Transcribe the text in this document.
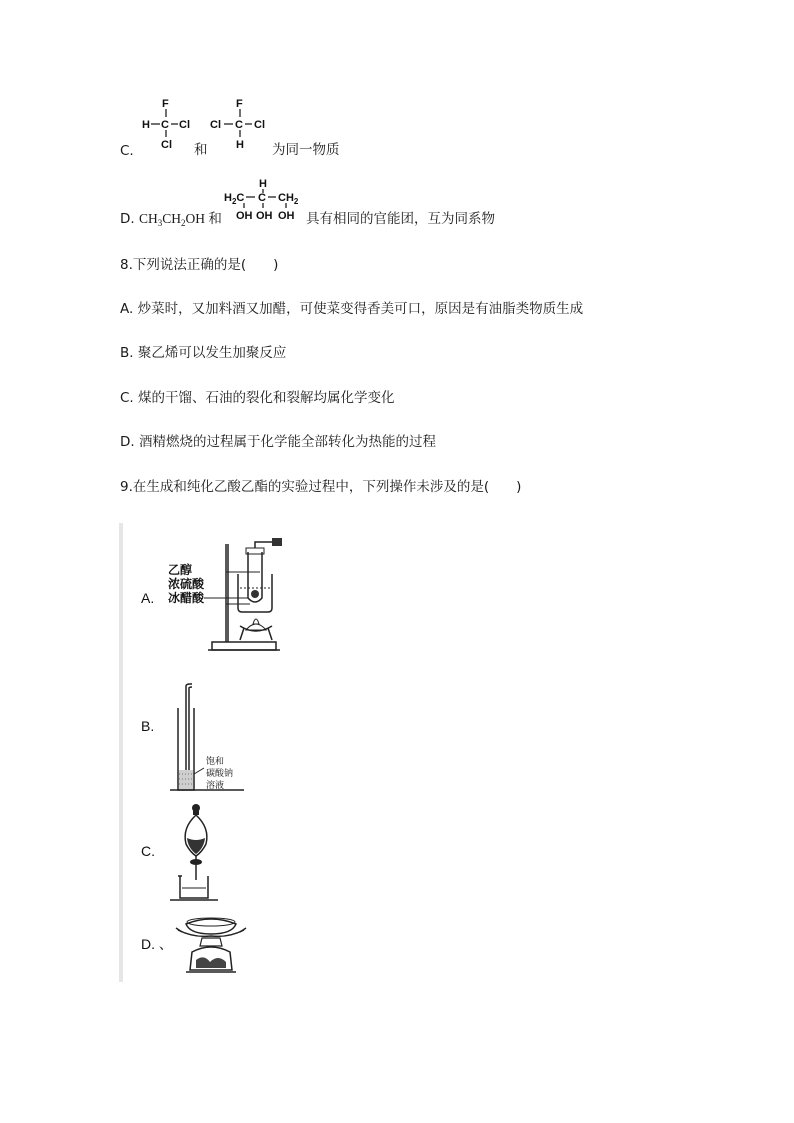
C.
F
H C Cl
Cl 和
F
Cl C Cl
H 为同一物质
D. $CH_3CH_2OH$ 和
H
$H_2C$ C $CH_2$
OH OH OH 具有相同的官能团，互为同系物
8.下列说法正确的是(　　)
A. 炒菜时，又加料酒又加醋，可使菜变得香美可口，原因是有油脂类物质生成
B. 聚乙烯可以发生加聚反应
C. 煤的干馏、石油的裂化和裂解均属化学变化
D. 酒精燃烧的过程属于化学能全部转化为热能的过程
9.在生成和纯化乙酸乙酯的实验过程中，下列操作未涉及的是(　　)
A.
乙醇
浓硫酸
冰醋酸
B.
饱和
碳酸钠
溶液
C.
D. 、
